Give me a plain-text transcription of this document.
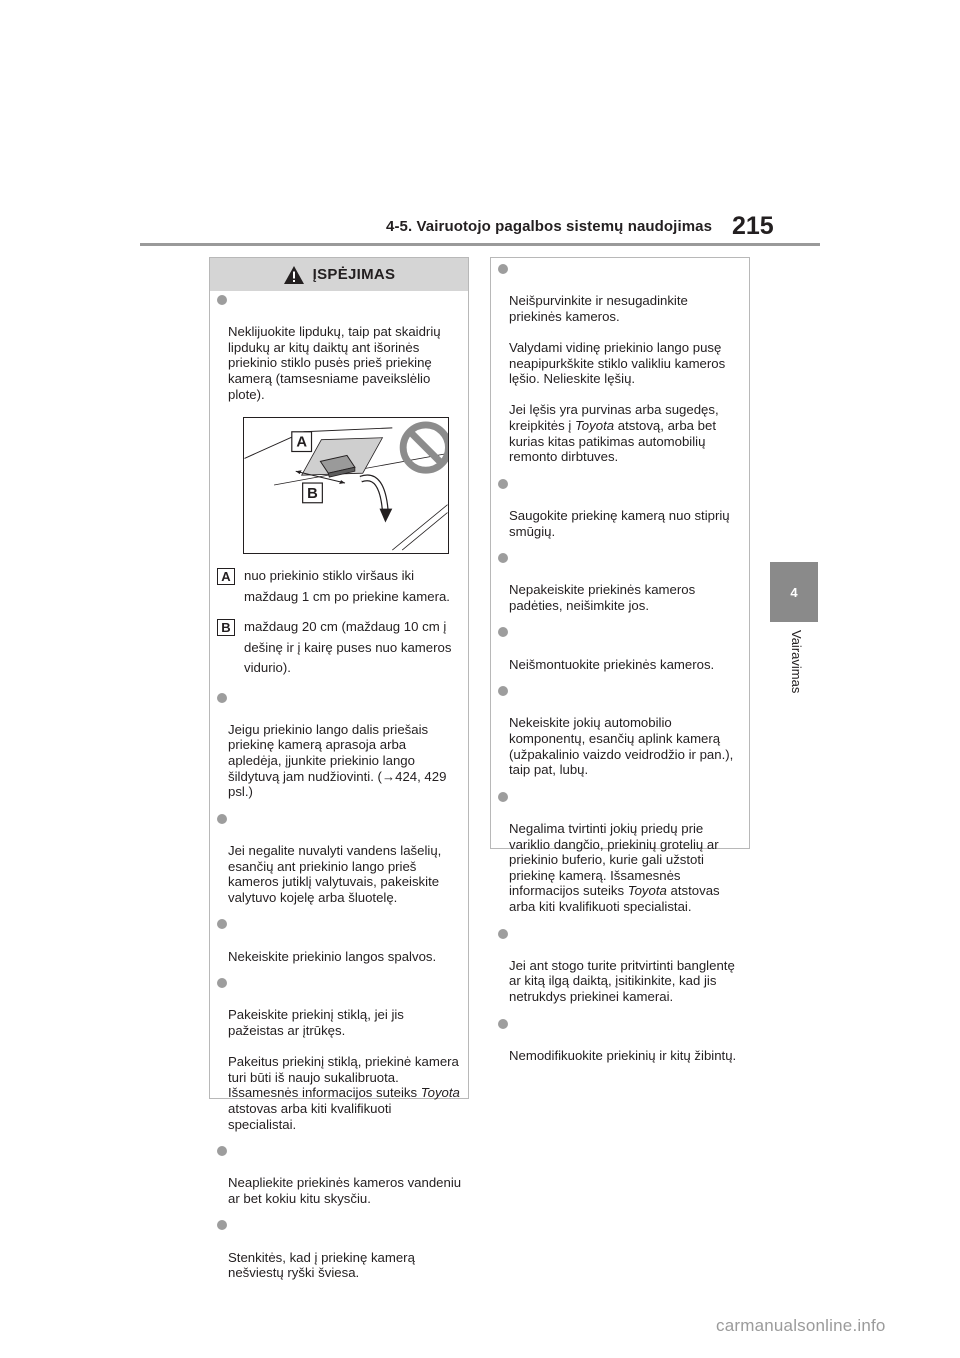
4-5. Vairuotojo pagalbos sistemų naudojimas 215
4
Vairavimas
ĮSPĖJIMAS

Neklijuokite lipdukų, taip pat skaidrių lipdukų ar kitų daiktų ant išorinės priekinio stiklo pusės prieš priekinę kamerą (tamsesniame paveikslėlio plote).

A
B
A	nuo priekinio stiklo viršaus iki maždaug 1 cm po priekine kamera.
B	maždaug 20 cm (maždaug 10 cm į dešinę ir į kairę puses nuo kameros vidurio).

Jeigu priekinio lango dalis priešais priekinę kamerą aprasoja arba apledėja, įjunkite priekinio lango šildytuvą jam nudžiovinti. (→424, 429 psl.)

Jei negalite nuvalyti vandens lašelių, esančių ant priekinio lango prieš kameros jutiklį valytuvais, pakeiskite valytuvo kojelę arba šluotelę.

Nekeiskite priekinio langos spalvos.

Pakeiskite priekinį stiklą, jei jis pažeistas ar įtrūkęs.

Pakeitus priekinį stiklą, priekinė kamera turi būti iš naujo sukalibruota. Išsamesnės informacijos suteiks Toyota atstovas arba kiti kvalifikuoti specialistai.

Neapliekite priekinės kameros vandeniu ar bet kokiu kitu skysčiu.

Stenkitės, kad į priekinę kamerą nešviestų ryški šviesa.

Neišpurvinkite ir nesugadinkite priekinės kameros.

Valydami vidinę priekinio lango pusę neapipurkškite stiklo valikliu kameros lęšio. Nelieskite lęšių.

Jei lęšis yra purvinas arba sugedęs, kreipkitės į Toyota atstovą, arba bet kurias kitas patikimas automobilių remonto dirbtuves.

Saugokite priekinę kamerą nuo stiprių smūgių.

Nepakeiskite priekinės kameros padėties, neišimkite jos.

Neišmontuokite priekinės kameros.

Nekeiskite jokių automobilio komponentų, esančių aplink kamerą (užpakalinio vaizdo veidrodžio ir pan.), taip pat, lubų.

Negalima tvirtinti jokių priedų prie variklio dangčio, priekinių grotelių ar priekinio buferio, kurie gali užstoti priekinę kamerą. Išsamesnės informacijos suteiks Toyota atstovas arba kiti kvalifikuoti specialistai.

Jei ant stogo turite pritvirtinti banglentę ar kitą ilgą daiktą, įsitikinkite, kad jis netrukdys priekinei kamerai.

Nemodifikuokite priekinių ir kitų žibintų.

carmanualsonline.info
